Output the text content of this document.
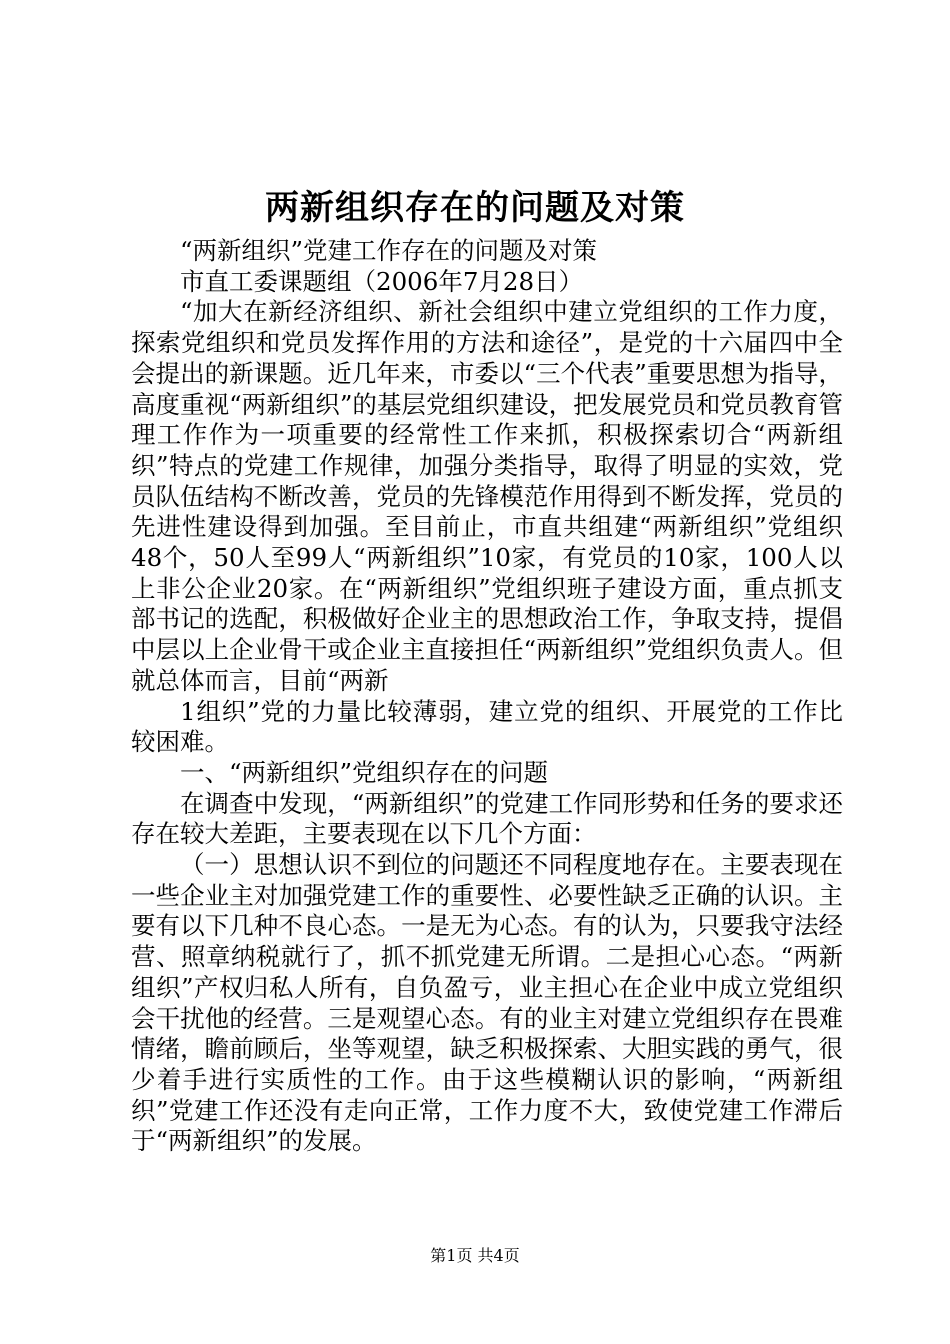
两新组织存在的问题及对策

“两新组织”党建工作存在的问题及对策

市直工委课题组（2006年7月28日）

“加大在新经济组织、新社会组织中建立党组织的工作力度，探索党组织和党员发挥作用的方法和途径”，是党的十六届四中全会提出的新课题。近几年来，市委以“三个代表”重要思想为指导，高度重视“两新组织”的基层党组织建设，把发展党员和党员教育管理工作作为一项重要的经常性工作来抓，积极探索切合“两新组织”特点的党建工作规律，加强分类指导，取得了明显的实效，党员队伍结构不断改善，党员的先锋模范作用得到不断发挥，党员的先进性建设得到加强。至目前止，市直共组建“两新组织”党组织48个，50人至99人“两新组织”10家，有党员的10家，100人以上非公企业20家。在“两新组织”党组织班子建设方面，重点抓支部书记的选配，积极做好企业主的思想政治工作，争取支持，提倡中层以上企业骨干或企业主直接担任“两新组织”党组织负责人。但就总体而言，目前“两新

1组织”党的力量比较薄弱，建立党的组织、开展党的工作比较困难。

一、“两新组织”党组织存在的问题

在调查中发现，“两新组织”的党建工作同形势和任务的要求还存在较大差距，主要表现在以下几个方面：

（一）思想认识不到位的问题还不同程度地存在。主要表现在一些企业主对加强党建工作的重要性、必要性缺乏正确的认识。主要有以下几种不良心态。一是无为心态。有的认为，只要我守法经营、照章纳税就行了，抓不抓党建无所谓。二是担心心态。“两新组织”产权归私人所有，自负盈亏，业主担心在企业中成立党组织会干扰他的经营。三是观望心态。有的业主对建立党组织存在畏难情绪，瞻前顾后，坐等观望，缺乏积极探索、大胆实践的勇气，很少着手进行实质性的工作。由于这些模糊认识的影响，“两新组织”党建工作还没有走向正常，工作力度不大，致使党建工作滞后于“两新组织”的发展。

第1页 共4页
